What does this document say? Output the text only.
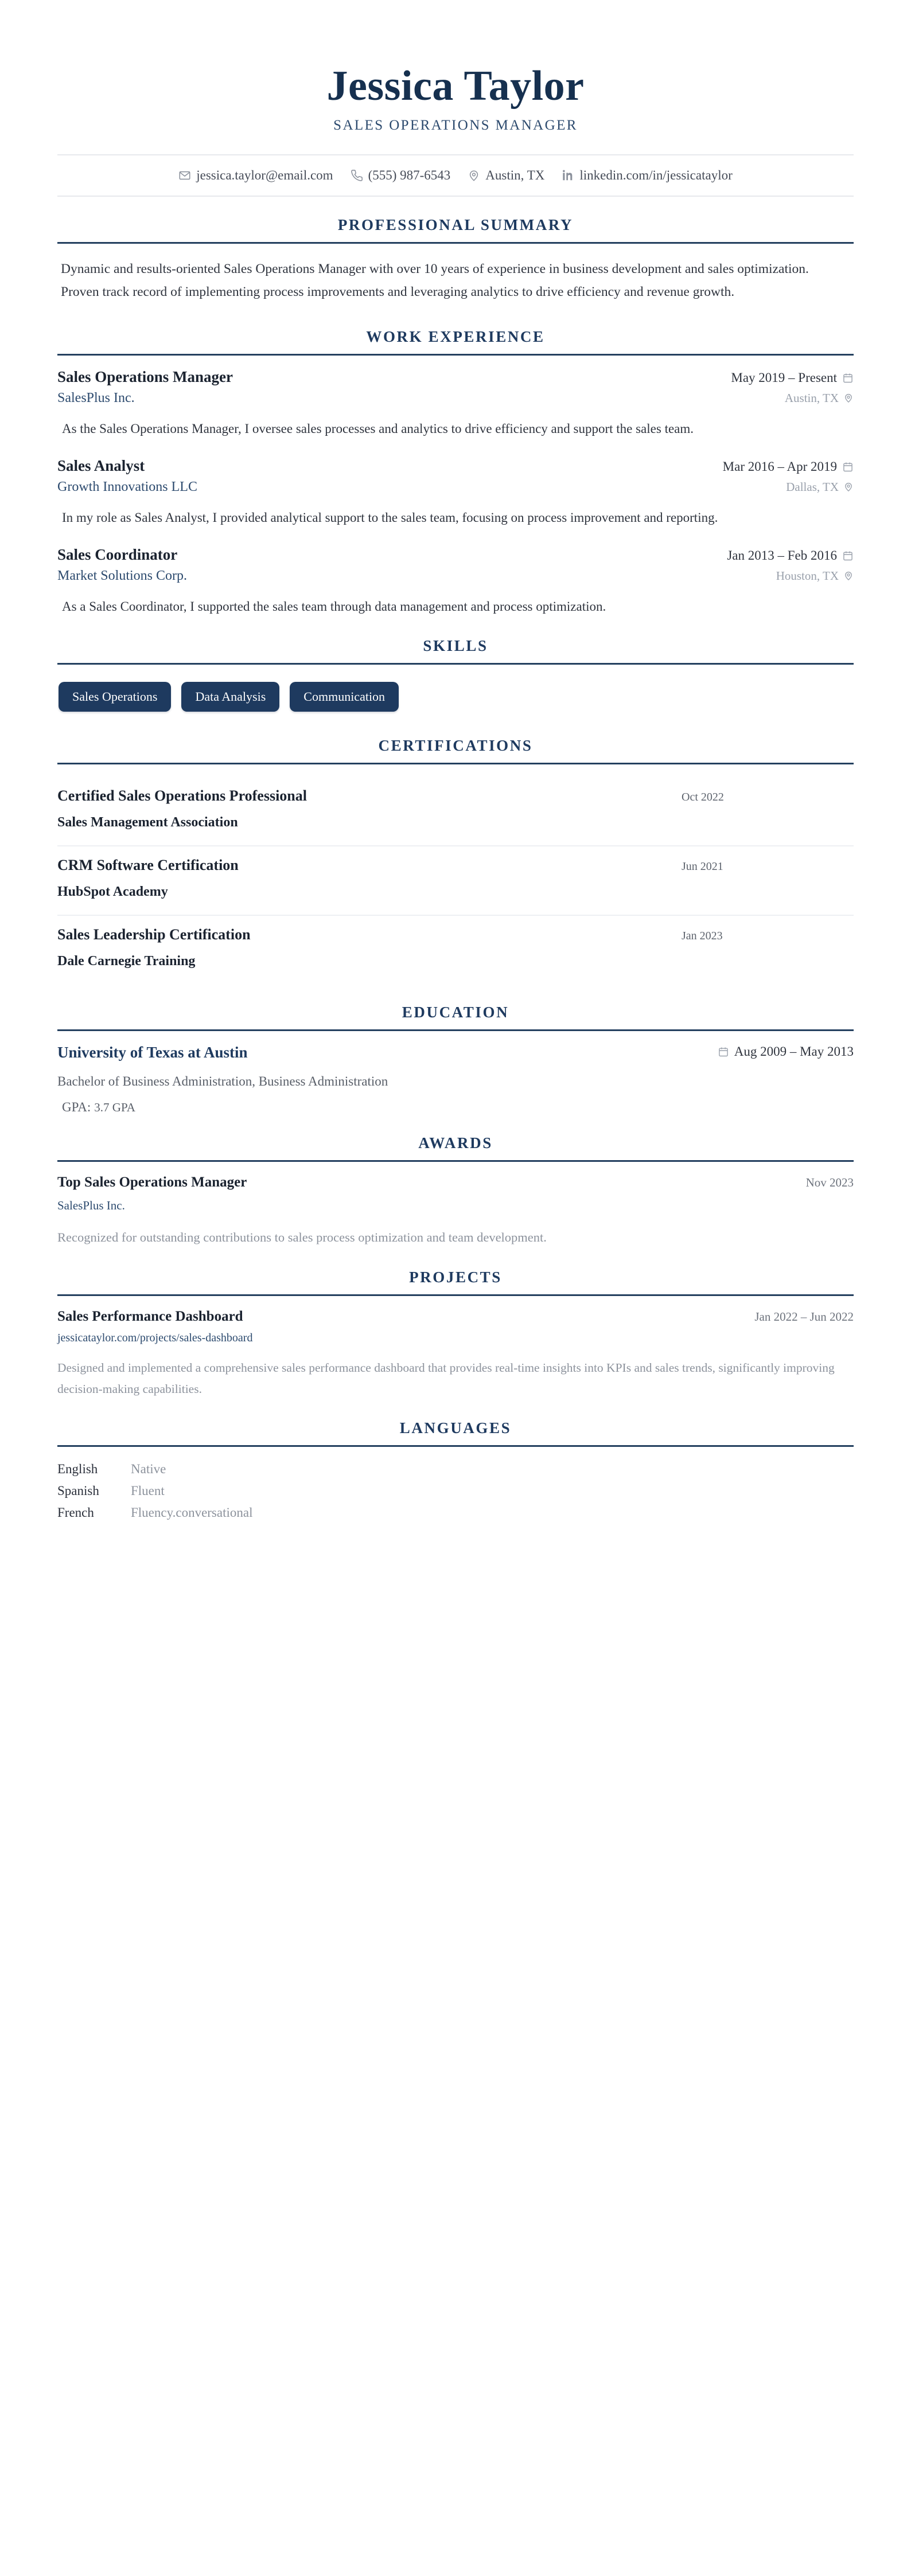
Jessica Taylor
SALES OPERATIONS MANAGER
jessica.taylor@email.com	(555) 987-6543	Austin, TX	linkedin.com/in/jessicataylor
PROFESSIONAL SUMMARY
Dynamic and results-oriented Sales Operations Manager with over 10 years of experience in business development and sales optimization. Proven track record of implementing process improvements and leveraging analytics to drive efficiency and revenue growth.
WORK EXPERIENCE
Sales Operations Manager	May 2019 – Present
SalesPlus Inc.	Austin, TX
As the Sales Operations Manager, I oversee sales processes and analytics to drive efficiency and support the sales team.
Sales Analyst	Mar 2016 – Apr 2019
Growth Innovations LLC	Dallas, TX
In my role as Sales Analyst, I provided analytical support to the sales team, focusing on process improvement and reporting.
Sales Coordinator	Jan 2013 – Feb 2016
Market Solutions Corp.	Houston, TX
As a Sales Coordinator, I supported the sales team through data management and process optimization.
SKILLS
Sales Operations	Data Analysis	Communication
CERTIFICATIONS
Certified Sales Operations Professional	Oct 2022
Sales Management Association
CRM Software Certification	Jun 2021
HubSpot Academy
Sales Leadership Certification	Jan 2023
Dale Carnegie Training
EDUCATION
University of Texas at Austin	Aug 2009 – May 2013
Bachelor of Business Administration, Business Administration
GPA: 3.7 GPA
AWARDS
Top Sales Operations Manager	Nov 2023
SalesPlus Inc.
Recognized for outstanding contributions to sales process optimization and team development.
PROJECTS
Sales Performance Dashboard	Jan 2022 – Jun 2022
jessicataylor.com/projects/sales-dashboard
Designed and implemented a comprehensive sales performance dashboard that provides real-time insights into KPIs and sales trends, significantly improving decision-making capabilities.
LANGUAGES
English	Native
Spanish	Fluent
French	Fluency.conversational
